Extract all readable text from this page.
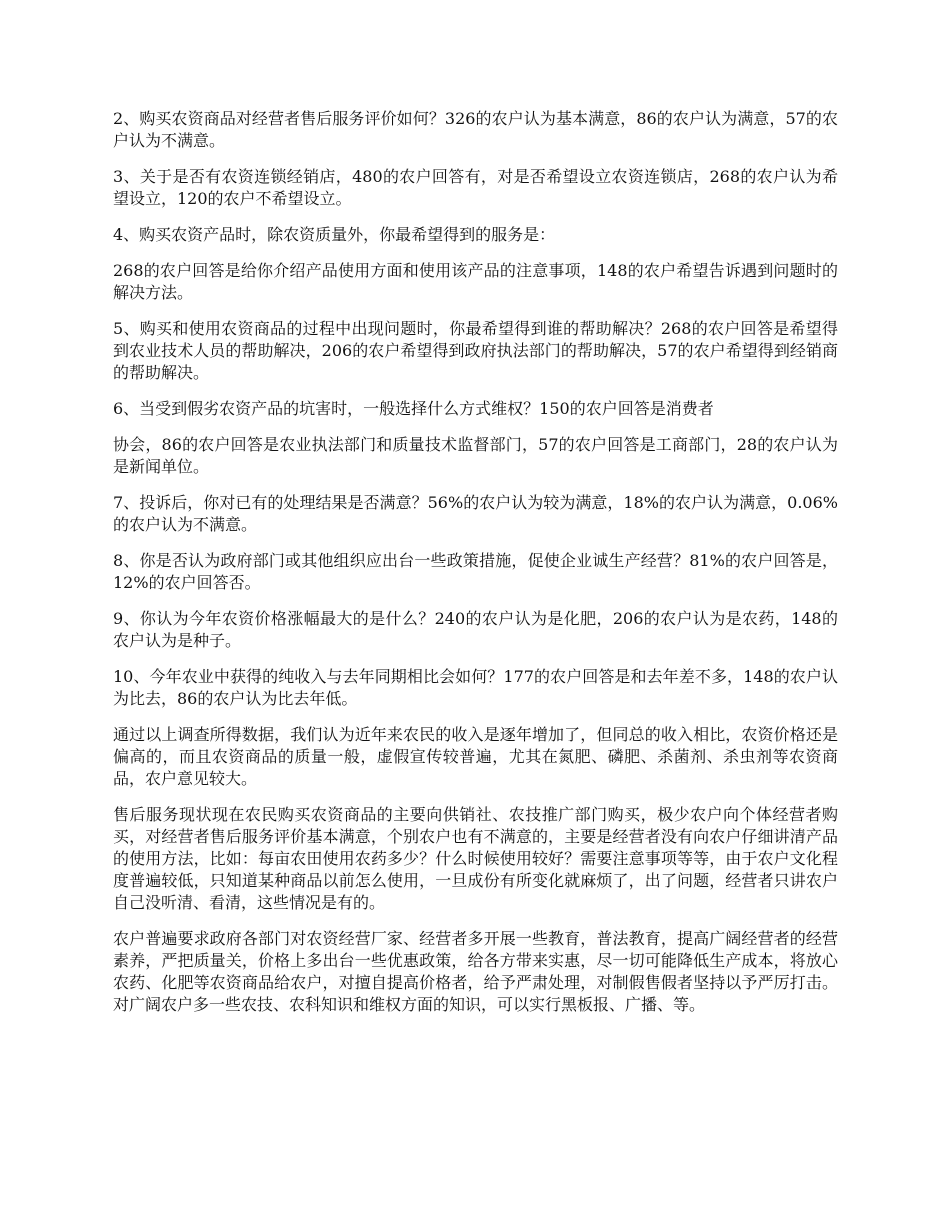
2、购买农资商品对经营者售后服务评价如何？326的农户认为基本满意，86的农户认为满意，57的农户认为不满意。

3、关于是否有农资连锁经销店，480的农户回答有，对是否希望设立农资连锁店，268的农户认为希望设立，120的农户不希望设立。

4、购买农资产品时，除农资质量外，你最希望得到的服务是：

268的农户回答是给你介绍产品使用方面和使用该产品的注意事项，148的农户希望告诉遇到问题时的解决方法。

5、购买和使用农资商品的过程中出现问题时，你最希望得到谁的帮助解决？268的农户回答是希望得到农业技术人员的帮助解决，206的农户希望得到政府执法部门的帮助解决，57的农户希望得到经销商的帮助解决。

6、当受到假劣农资产品的坑害时，一般选择什么方式维权？150的农户回答是消费者

协会，86的农户回答是农业执法部门和质量技术监督部门，57的农户回答是工商部门，28的农户认为是新闻单位。

7、投诉后，你对已有的处理结果是否满意？56%的农户认为较为满意，18%的农户认为满意，0.06%的农户认为不满意。

8、你是否认为政府部门或其他组织应出台一些政策措施，促使企业诚生产经营？81%的农户回答是，12%的农户回答否。

9、你认为今年农资价格涨幅最大的是什么？240的农户认为是化肥，206的农户认为是农药，148的农户认为是种子。

10、今年农业中获得的纯收入与去年同期相比会如何？177的农户回答是和去年差不多，148的农户认为比去，86的农户认为比去年低。

通过以上调查所得数据，我们认为近年来农民的收入是逐年增加了，但同总的收入相比，农资价格还是偏高的，而且农资商品的质量一般，虚假宣传较普遍，尤其在氮肥、磷肥、杀菌剂、杀虫剂等农资商品，农户意见较大。

售后服务现状现在农民购买农资商品的主要向供销社、农技推广部门购买，极少农户向个体经营者购买，对经营者售后服务评价基本满意，个别农户也有不满意的，主要是经营者没有向农户仔细讲清产品的使用方法，比如：每亩农田使用农药多少？什么时候使用较好？需要注意事项等等，由于农户文化程度普遍较低，只知道某种商品以前怎么使用，一旦成份有所变化就麻烦了，出了问题，经营者只讲农户自己没听清、看清，这些情况是有的。

农户普遍要求政府各部门对农资经营厂家、经营者多开展一些教育，普法教育，提高广阔经营者的经营素养，严把质量关，价格上多出台一些优惠政策，给各方带来实惠，尽一切可能降低生产成本，将放心农药、化肥等农资商品给农户，对擅自提高价格者，给予严肃处理，对制假售假者坚持以予严厉打击。对广阔农户多一些农技、农科知识和维权方面的知识，可以实行黑板报、广播、等。
